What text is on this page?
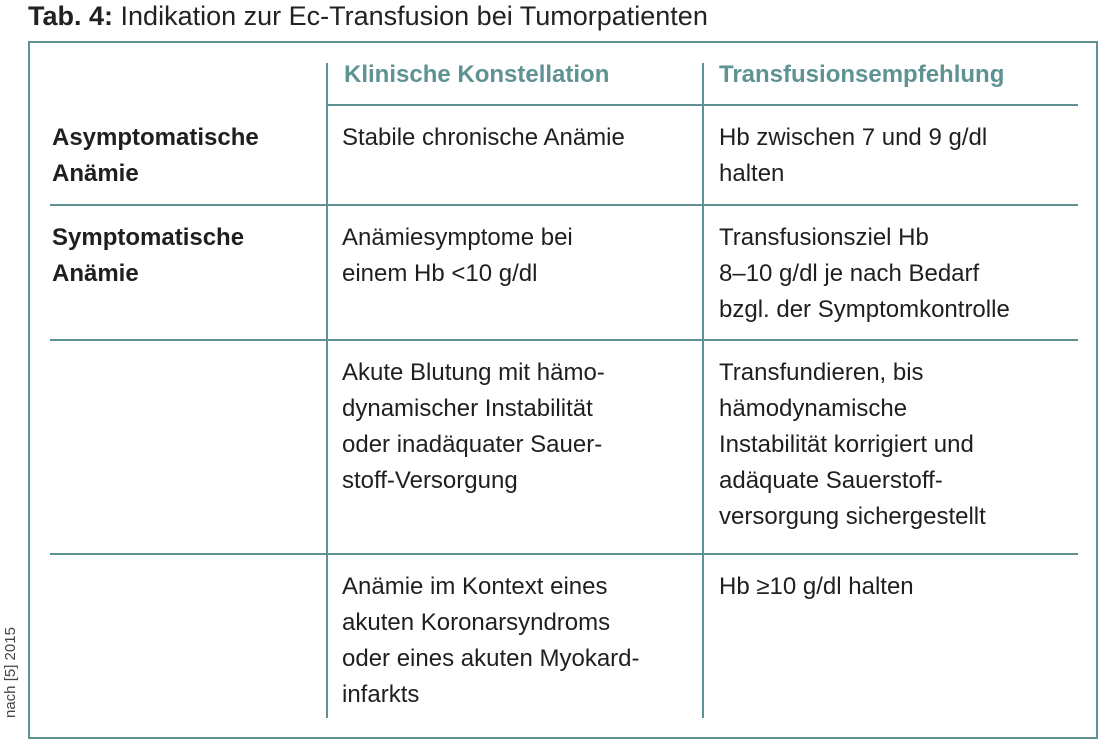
Tab. 4: Indikation zur Ec-Transfusion bei Tumorpatienten
nach [5] 2015
Klinische Konstellation	Transfusionsempfehlung
Asymptomatische
Anämie
Stabile chronische Anämie	Hb zwischen 7 und 9 g/dl
halten
Symptomatische
Anämie
Anämiesymptome bei
einem Hb <10 g/dl
Transfusionsziel Hb
8–10 g/dl je nach Bedarf
bzgl. der Symptomkontrolle
Akute Blutung mit hämo-
dynamischer Instabilität
oder inadäquater Sauer-
stoff-Versorgung
Transfundieren, bis
hämodynamische
Instabilität korrigiert und
adäquate Sauerstoff-
versorgung sichergestellt
Anämie im Kontext eines
akuten Koronarsyndroms
oder eines akuten Myokard-
infarkts
Hb ≥10 g/dl halten
